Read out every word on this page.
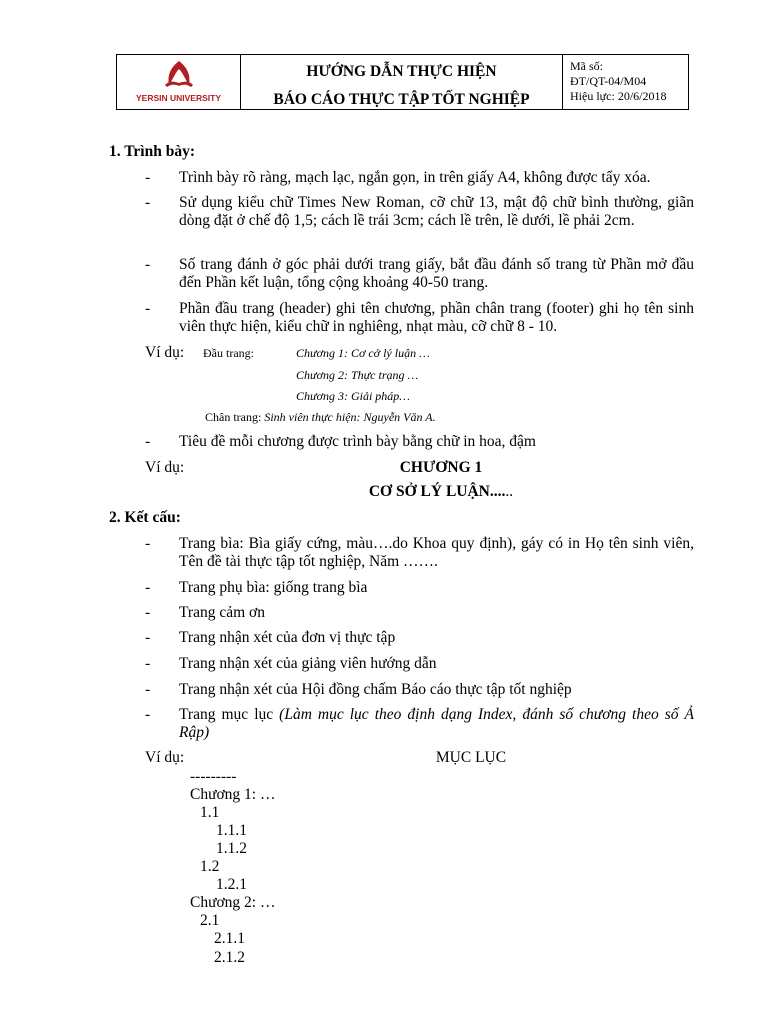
YERSIN UNIVERSITY
HƯỚNG DẪN THỰC HIỆN
BÁO CÁO THỰC TẬP TỐT NGHIỆP
Mã số:
ĐT/QT-04/M04
Hiệu lực: 20/6/2018
1. Trình bày:
- Trình bày rõ ràng, mạch lạc, ngắn gọn, in trên giấy A4, không được tẩy xóa.
- Sử dụng kiểu chữ Times New Roman, cỡ chữ 13, mật độ chữ bình thường, giãn dòng đặt ở chế độ 1,5; cách lề trái 3cm; cách lề trên, lề dưới, lề phải 2cm.
- Số trang đánh ở góc phải dưới trang giấy, bắt đầu đánh số trang từ Phần mở đầu đến Phần kết luận, tổng cộng khoảng 40-50 trang.
- Phần đầu trang (header) ghi tên chương, phần chân trang (footer) ghi họ tên sinh viên thực hiện, kiểu chữ in nghiêng, nhạt màu, cỡ chữ 8 - 10.
Ví dụ: Đầu trang:	Chương 1: Cơ cở lý luận …
Chương 2: Thực trạng …
Chương 3: Giải pháp…
Chân trang: Sinh viên thực hiện: Nguyễn Văn A.
- Tiêu đề mỗi chương được trình bày bằng chữ in hoa, đậm
Ví dụ:	CHƯƠNG 1
CƠ SỞ LÝ LUẬN......
2. Kết cấu:
- Trang bìa: Bìa giấy cứng, màu….do Khoa quy định), gáy có in Họ tên sinh viên, Tên đề tài thực tập tốt nghiệp, Năm …….
- Trang phụ bìa: giống trang bìa
- Trang cảm ơn
- Trang nhận xét của đơn vị thực tập
- Trang nhận xét của giảng viên hướng dẫn
- Trang nhận xét của Hội đồng chấm Báo cáo thực tập tốt nghiệp
- Trang mục lục (Làm mục lục theo định dạng Index, đánh số chương theo số Ả Rập)
Ví dụ:	MỤC LỤC
---------
Chương 1: …
1.1
1.1.1
1.1.2
1.2
1.2.1
Chương 2: …
2.1
2.1.1
2.1.2
